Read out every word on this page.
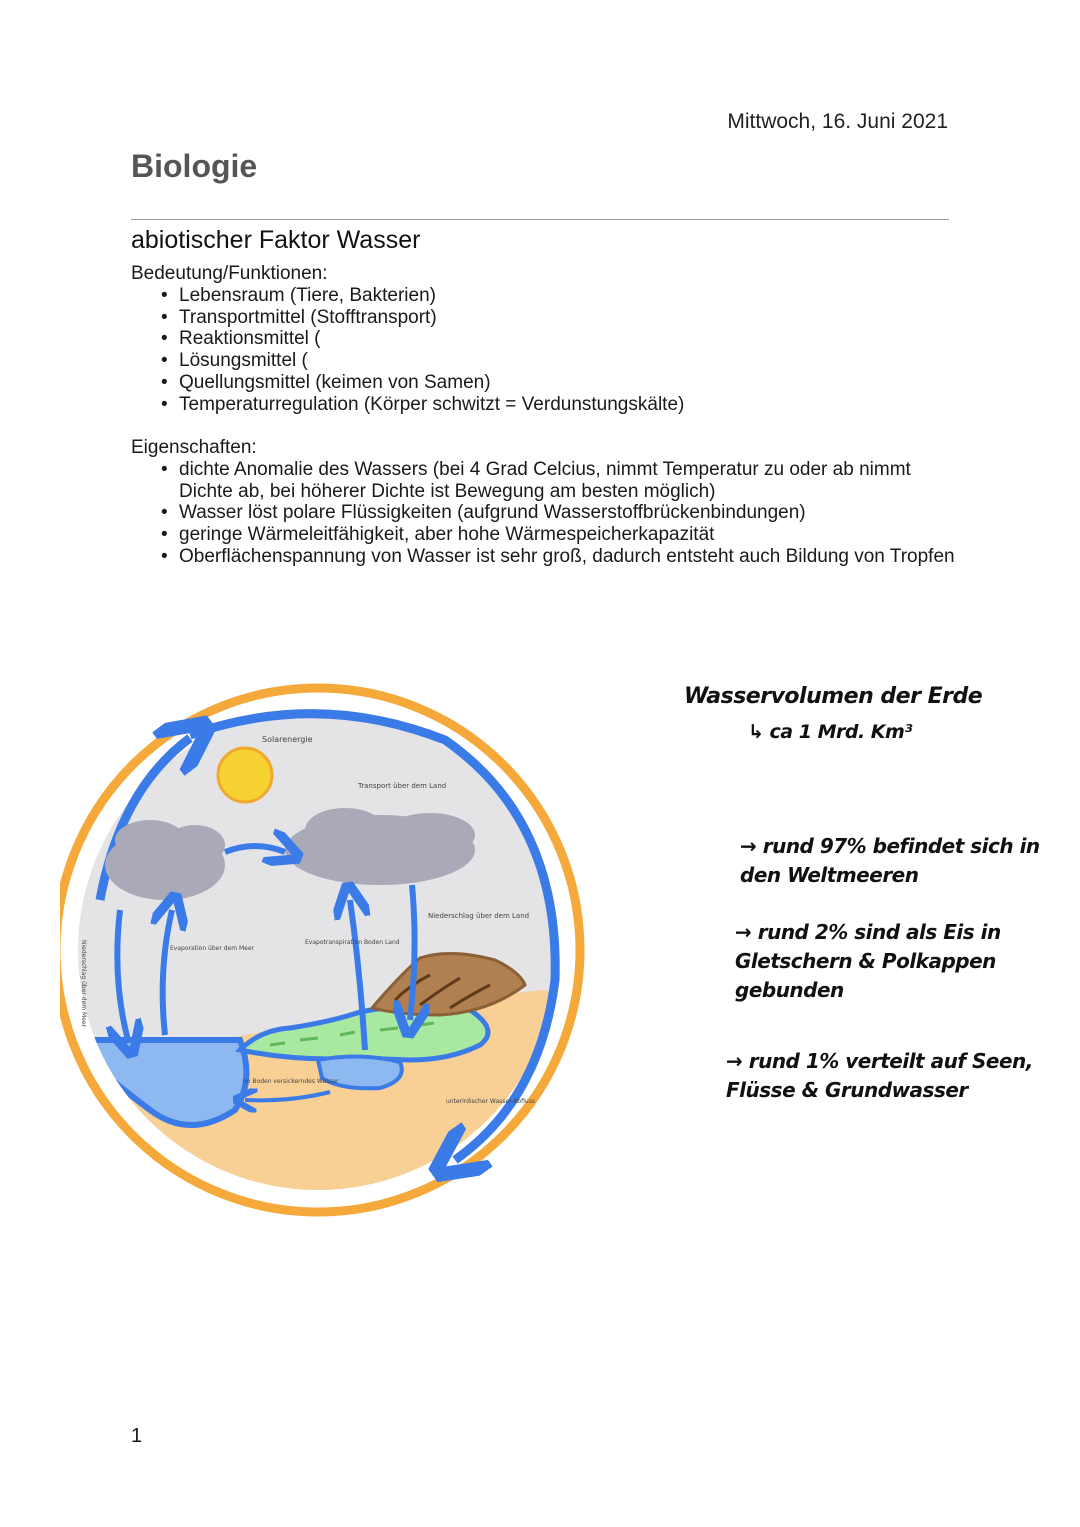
Mittwoch, 16. Juni 2021
Biologie
abiotischer Faktor Wasser
Bedeutung/Funktionen:
• Lebensraum (Tiere, Bakterien)
• Transportmittel (Stofftransport)
• Reaktionsmittel (
• Lösungsmittel (
• Quellungsmittel (keimen von Samen)
• Temperaturregulation (Körper schwitzt = Verdunstungskälte)
Eigenschaften:
• dichte Anomalie des Wassers (bei 4 Grad Celcius, nimmt Temperatur zu oder ab nimmt Dichte ab, bei höherer Dichte ist Bewegung am besten möglich)
• Wasser löst polare Flüssigkeiten (aufgrund Wasserstoffbrückenbindungen)
• geringe Wärmeleitfähigkeit, aber hohe Wärmespeicherkapazität
• Oberflächenspannung von Wasser ist sehr groß, dadurch entsteht auch Bildung von Tropfen
Solarenergie
Transport über dem Land
Niederschlag über dem Land
Niederschlag über dem Meer	Evaporation über dem Meer
Evapotranspiration Boden Land
im Boden versickerndes Wasser
unterirdischer Wasser-Abfluss
Wasservolumen der Erde
↳ ca 1 Mrd. Km³
→ rund 97% befindet sich in den Weltmeeren
→ rund 2% sind als Eis in Gletschern & Polkappen gebunden
→ rund 1% verteilt auf Seen, Flüsse & Grundwasser
1
